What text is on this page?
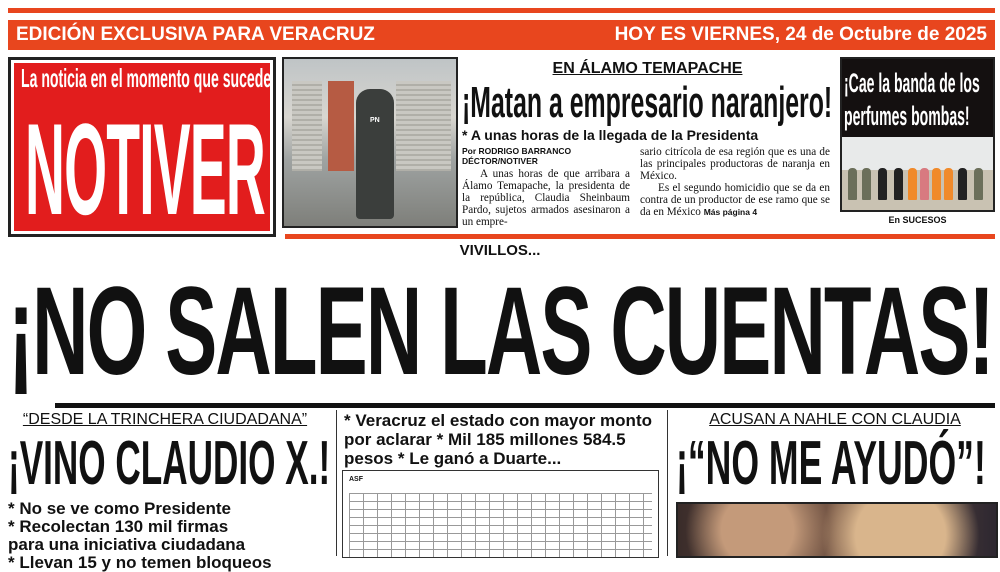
EDICIÓN EXCLUSIVA PARA VERACRUZ	HOY ES VIERNES, 24 de Octubre de 2025
La noticia en el momento que sucede
NOTIVER	PN
EN ÁLAMO TEMAPACHE
¡Matan a empresario naranjero!
* A unas horas de la llegada de la Presidenta
Por RODRIGO BARRANCO
DÉCTOR/NOTIVER
A unas horas de que arribara a Álamo Temapache, la presidenta de la república, Claudia Sheinbaum Pardo, sujetos armados asesinaron a un empre-

sario citrícola de esa región que es una de las principales productoras de naranja en México.

Es el segundo homicidio que se da en contra de un productor de ese ramo que se da en México Más página 4

¡Cae la banda de los perfumes bombas!
En SUCESOS
VIVILLOS...
¡NO SALEN LAS CUENTAS!
“DESDE LA TRINCHERA CIUDADANA”
¡VINO CLAUDIO X.!
* No se ve como Presidente
* Recolectan 130 mil firmas
para una iniciativa ciudadana
* Llevan 15 y no temen bloqueos
* Veracruz el estado con mayor monto por aclarar * Mil 185 millones 584.5 pesos * Le ganó a Duarte...
ASF
ACUSAN A NAHLE CON CLAUDIA
¡“NO ME AYUDÓ”!
